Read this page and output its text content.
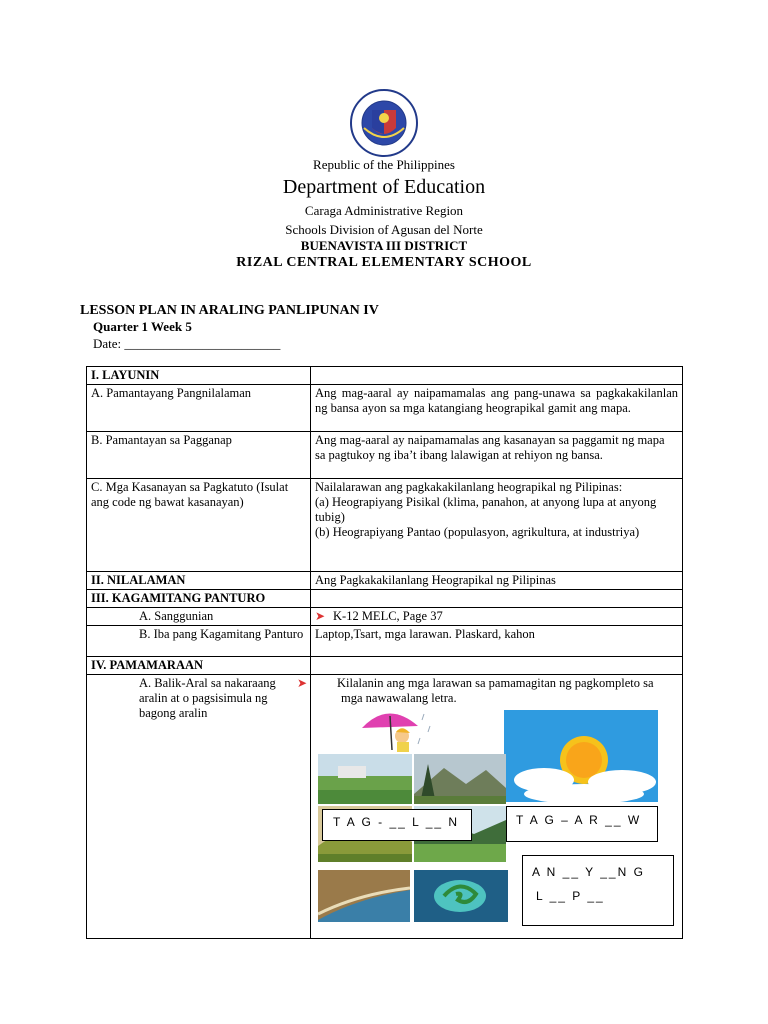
Republic of the Philippines
Department of Education
Caraga Administrative Region
Schools Division of Agusan del Norte
BUENAVISTA III DISTRICT
RIZAL CENTRAL ELEMENTARY SCHOOL
LESSON PLAN IN ARALING PANLIPUNAN IV
Quarter 1 Week 5
Date: ________________________
I. LAYUNIN	
A. Pamantayang Pangnilalaman	Ang mag-aaral ay naipamamalas ang pang-unawa sa pagkakakilanlan ng bansa ayon sa mga katangiang heograpikal gamit ang mapa.
B. Pamantayan sa Pagganap	Ang mag-aaral ay naipamamalas ang kasanayan sa paggamit ng mapa sa pagtukoy ng iba’t ibang lalawigan at rehiyon ng bansa.
C. Mga Kasanayan sa Pagkatuto (Isulat ang code ng bawat kasanayan)	Nailalarawan ang pagkakakilanlang heograpikal ng Pilipinas:
(a) Heograpiyang Pisikal (klima, panahon, at anyong lupa at anyong tubig)
(b) Heograpiyang Pantao (populasyon, agrikultura, at industriya)

II. NILALAMAN	Ang Pagkakakilanlang Heograpikal ng Pilipinas
III. KAGAMITANG PANTURO	
A. Sanggunian	➤ K-12 MELC, Page 37
B. Iba pang Kagamitang Panturo	Laptop,Tsart, mga larawan. Plaskard, kahon
IV. PAMAMARAAN	
A. Balik-Aral sa nakaraang aralin at o pagsisimula ng bagong aralin	➤ Kilalanin ang mga larawan sa pamamagitan ng pagkompleto sa mga nawawalang letra.
T A G - __ L __ N	T A G – A R __ W
A N __ Y __N G
L __ P __
